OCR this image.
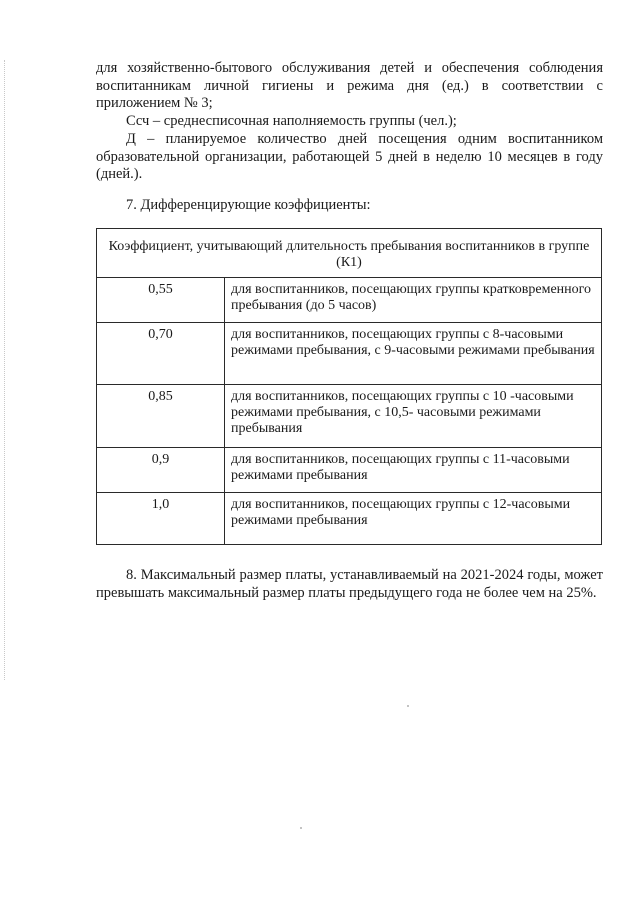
для хозяйственно-бытового обслуживания детей и обеспечения соблюдения воспитанникам личной гигиены и режима дня (ед.) в соответствии с приложением № 3;

Ссч – среднесписочная наполняемость группы (чел.);

Д – планируемое количество дней посещения одним воспитанником образовательной организации, работающей 5 дней в неделю 10 месяцев в году (дней.).

7. Дифференцирующие коэффициенты:
Коэффициент, учитывающий длительность пребывания воспитанников в группе (К1)	
0,55	для воспитанников, посещающих группы кратковременного пребывания (до 5 часов)
0,70	для воспитанников, посещающих группы с 8-часовыми режимами пребывания, с 9-часовыми режимами пребывания
0,85	для воспитанников, посещающих группы с 10 -часовыми режимами пребывания, с 10,5- часовыми режимами пребывания
0,9	для воспитанников, посещающих группы с 11-часовыми режимами пребывания
1,0	для воспитанников, посещающих группы с 12-часовыми режимами пребывания

8. Максимальный размер платы, устанавливаемый на 2021-2024 годы, может превышать максимальный размер платы предыдущего года не более чем на 25%.
